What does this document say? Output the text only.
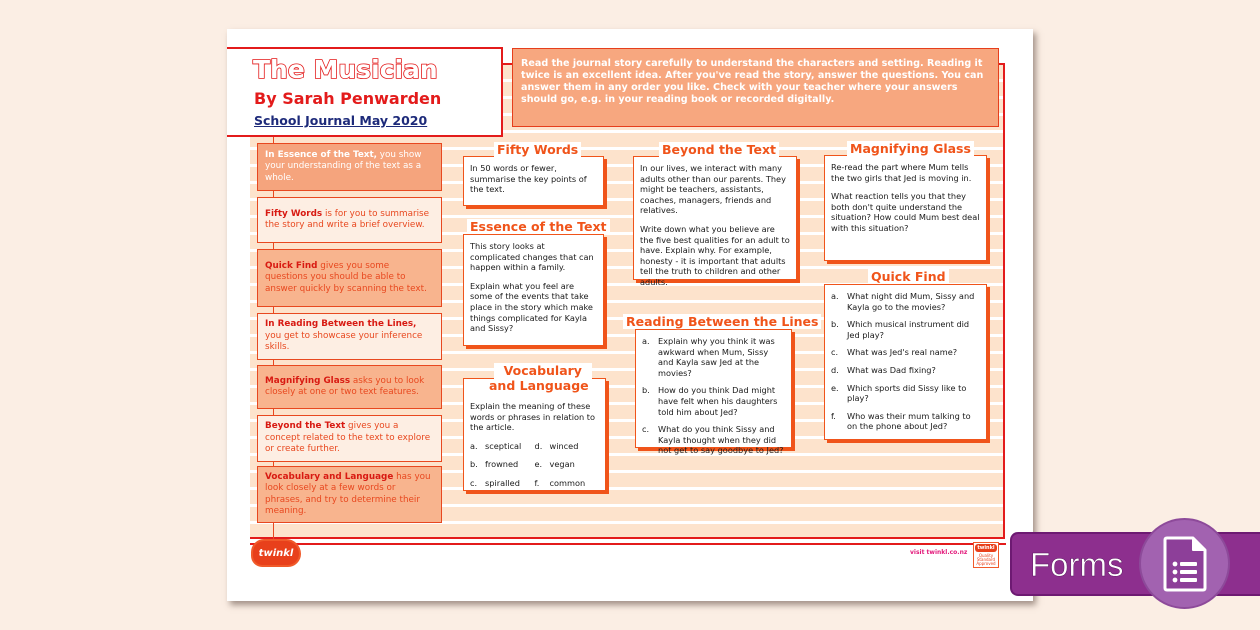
The Musician
By Sarah Penwarden
School Journal May 2020
Read the journal story carefully to understand the characters and setting. Reading it twice is an excellent idea. After you've read the story, answer the questions. You can answer them in any order you like. Check with your teacher where your answers should go, e.g. in your reading book or recorded digitally.
In Essence of the Text, you show your understanding of the text as a whole.
Fifty Words is for you to summarise the story and write a brief overview.
Quick Find gives you some questions you should be able to answer quickly by scanning the text.
In Reading Between the Lines,
you get to showcase your inference skills.
Magnifying Glass asks you to look closely at one or two text features.
Beyond the Text gives you a concept related to the text to explore or create further.
Vocabulary and Language has you look closely at a few words or phrases, and try to determine their meaning.
Fifty Words

In 50 words or fewer, summarise the key points of the text.

Essence of the Text

This story looks at complicated changes that can happen within a family.

Explain what you feel are some of the events that take place in the story which make things complicated for Kayla and Sissy?

Vocabulary
and Language

Explain the meaning of these words or phrases in relation to the article.

a. sceptical	d. winced
b. frowned	e. vegan
c. spiralled	f. common
Beyond the Text

In our lives, we interact with many adults other than our parents. They might be teachers, assistants, coaches, managers, friends and relatives.

Write down what you believe are the five best qualities for an adult to have. Explain why. For example, honesty - it is important that adults tell the truth to children and other adults.

Reading Between the Lines
a.	Explain why you think it was awkward when Mum, Sissy and Kayla saw Jed at the movies?
b. How do you think Dad might have felt when his daughters told him about Jed?
c.	What do you think Sissy and Kayla thought when they did not get to say goodbye to Jed?
Magnifying Glass

Re-read the part where Mum tells the two girls that Jed is moving in.

What reaction tells you that they both don't quite understand the situation? How could Mum best deal with this situation?

Quick Find
a.	What night did Mum, Sissy and Kayla go to the movies?
b. Which musical instrument did Jed play?
c.	What was Jed's real name?
d. What was Dad fixing?
e.	Which sports did Sissy like to play?
f.	Who was their mum talking to on the phone about Jed?
twinkl	visit twinkl.co.nz
twinkl
Quality Standard Approved Forms
